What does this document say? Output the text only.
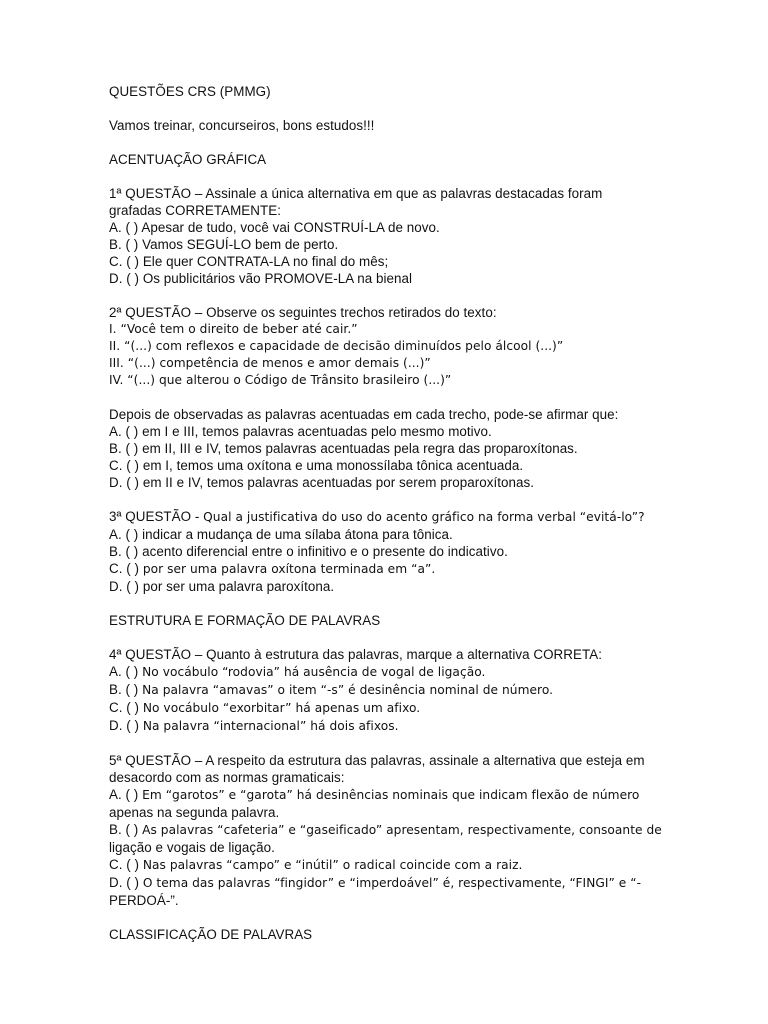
QUESTÕES CRS (PMMG)

Vamos treinar, concurseiros, bons estudos!!!

ACENTUAÇÃO GRÁFICA

1ª QUESTÃO – Assinale a única alternativa em que as palavras destacadas foram

grafadas CORRETAMENTE:

A. ( ) Apesar de tudo, você vai CONSTRUÍ-LA de novo.

B. ( ) Vamos SEGUÍ-LO bem de perto.

C. ( ) Ele quer CONTRATA-LA no final do mês;

D. ( ) Os publicitários vão PROMOVE-LA na bienal

2ª QUESTÃO – Observe os seguintes trechos retirados do texto:

I. “Você tem o direito de beber até cair.”

II. “(...) com reflexos e capacidade de decisão diminuídos pelo álcool (...)”

III. “(...) competência de menos e amor demais (...)”

IV. “(...) que alterou o Código de Trânsito brasileiro (...)”

Depois de observadas as palavras acentuadas em cada trecho, pode-se afirmar que:

A. ( ) em I e III, temos palavras acentuadas pelo mesmo motivo.

B. ( ) em II, III e IV, temos palavras acentuadas pela regra das proparoxítonas.

C. ( ) em I, temos uma oxítona e uma monossílaba tônica acentuada.

D. ( ) em II e IV, temos palavras acentuadas por serem proparoxítonas.

3ª QUESTÃO - Qual a justificativa do uso do acento gráfico na forma verbal “evitá-lo”?

A. ( ) indicar a mudança de uma sílaba átona para tônica.

B. ( ) acento diferencial entre o infinitivo e o presente do indicativo.

C. ( ) por ser uma palavra oxítona terminada em “a”.

D. ( ) por ser uma palavra paroxítona.

ESTRUTURA E FORMAÇÃO DE PALAVRAS

4ª QUESTÃO – Quanto à estrutura das palavras, marque a alternativa CORRETA:

A. ( ) No vocábulo “rodovia” há ausência de vogal de ligação.

B. ( ) Na palavra “amavas” o item “-s” é desinência nominal de número.

C. ( ) No vocábulo “exorbitar” há apenas um afixo.

D. ( ) Na palavra “internacional” há dois afixos.

5ª QUESTÃO – A respeito da estrutura das palavras, assinale a alternativa que esteja em

desacordo com as normas gramaticais:

A. ( ) Em “garotos” e “garota” há desinências nominais que indicam flexão de número

apenas na segunda palavra.

B. ( ) As palavras “cafeteria” e “gaseificado” apresentam, respectivamente, consoante de

ligação e vogais de ligação.

C. ( ) Nas palavras “campo” e “inútil” o radical coincide com a raiz.

D. ( ) O tema das palavras “fingidor” e “imperdoável” é, respectivamente, “FINGI” e “-

PERDOÁ-”.

CLASSIFICAÇÃO DE PALAVRAS
